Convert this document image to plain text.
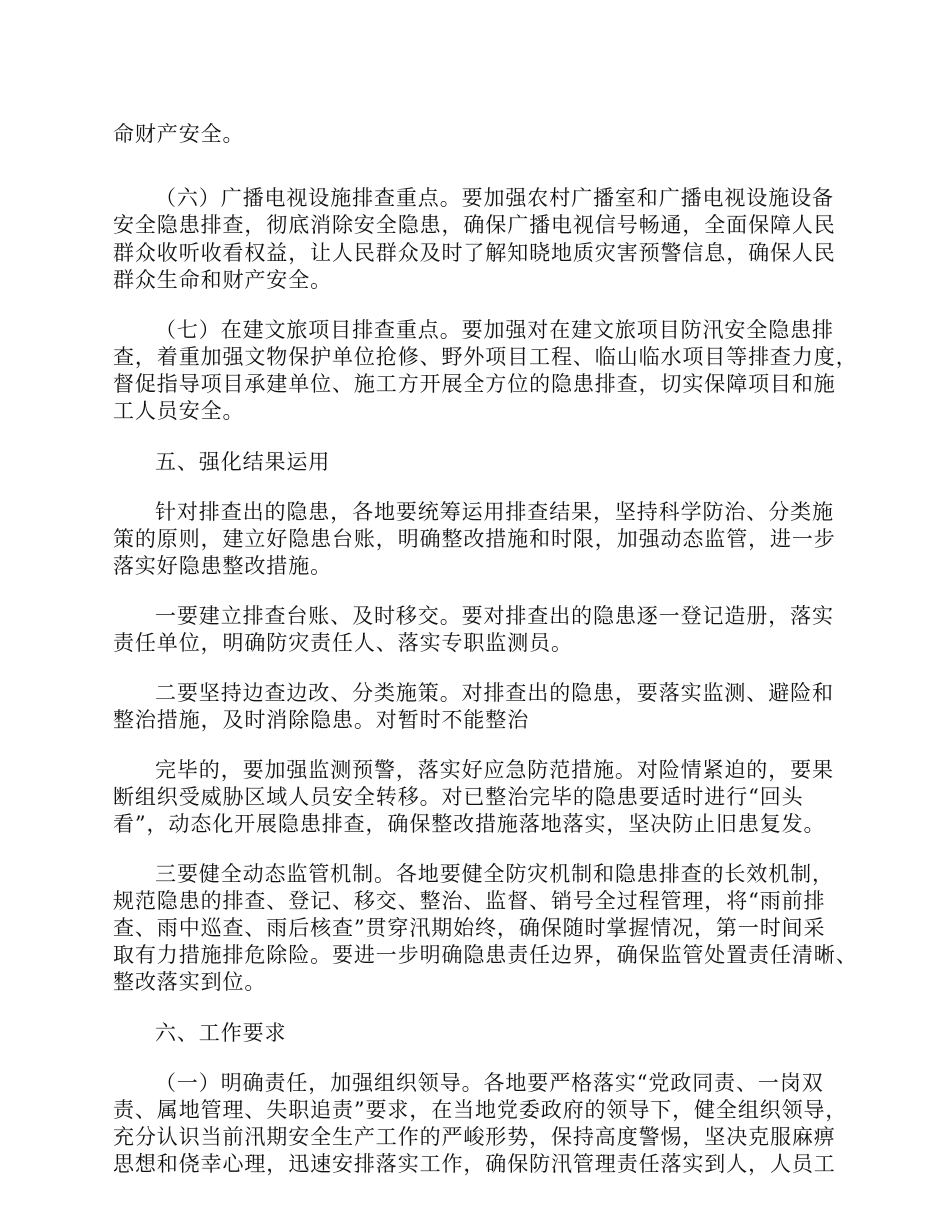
命财产安全。
（六）广播电视设施排查重点。要加强农村广播室和广播电视设施设备
安全隐患排查，彻底消除安全隐患，确保广播电视信号畅通，全面保障人民
群众收听收看权益，让人民群众及时了解知晓地质灾害预警信息，确保人民
群众生命和财产安全。
（七）在建文旅项目排查重点。要加强对在建文旅项目防汛安全隐患排
查，着重加强文物保护单位抢修、野外项目工程、临山临水项目等排查力度，
督促指导项目承建单位、施工方开展全方位的隐患排查，切实保障项目和施
工人员安全。
五、强化结果运用
针对排查出的隐患，各地要统筹运用排查结果，坚持科学防治、分类施
策的原则，建立好隐患台账，明确整改措施和时限，加强动态监管，进一步
落实好隐患整改措施。
一要建立排查台账、及时移交。要对排查出的隐患逐一登记造册，落实
责任单位，明确防灾责任人、落实专职监测员。
二要坚持边查边改、分类施策。对排查出的隐患，要落实监测、避险和
整治措施，及时消除隐患。对暂时不能整治
完毕的，要加强监测预警，落实好应急防范措施。对险情紧迫的，要果
断组织受威胁区域人员安全转移。对已整治完毕的隐患要适时进行“回头
看”，动态化开展隐患排查，确保整改措施落地落实，坚决防止旧患复发。
三要健全动态监管机制。各地要健全防灾机制和隐患排查的长效机制，
规范隐患的排查、登记、移交、整治、监督、销号全过程管理，将“雨前排
查、雨中巡查、雨后核查”贯穿汛期始终，确保随时掌握情况，第一时间采
取有力措施排危除险。要进一步明确隐患责任边界，确保监管处置责任清晰、
整改落实到位。
六、工作要求
（一）明确责任，加强组织领导。各地要严格落实“党政同责、一岗双
责、属地管理、失职追责”要求，在当地党委政府的领导下，健全组织领导，
充分认识当前汛期安全生产工作的严峻形势，保持高度警惕，坚决克服麻痹
思想和侥幸心理，迅速安排落实工作，确保防汛管理责任落实到人，人员工
